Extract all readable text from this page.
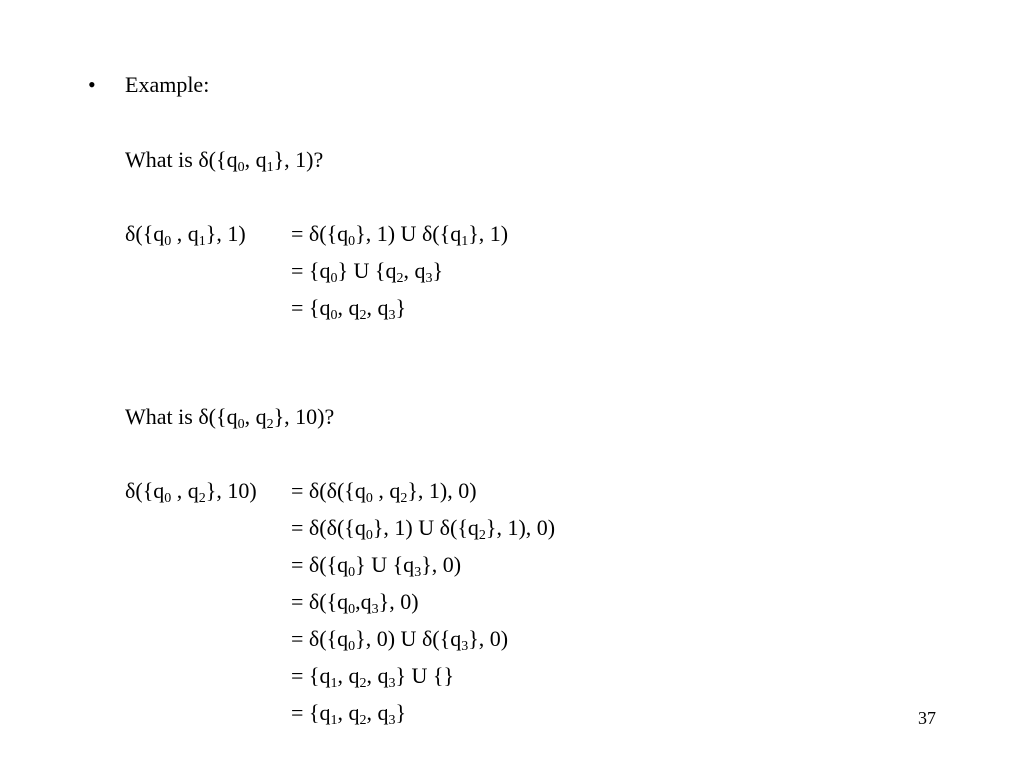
• Example:
What is $\delta(\{q_0$, $q_1$}, 1)?
$\delta(\{q_0$ , $q_1$}, $1) = \delta(\{q_0\}$, 1) U $\delta(\{q_1\}$, 1)
= $\{q_0\}$ U {$q_2$, $q_3$}
= {$q_0$, $q_2$, $q_3$}
What is $\delta(\{q_0$, $q_2$}, 10)?
$\delta(\{q_0$ , $q_2$}, $10) = \delta(\delta(\{q_0$ , $q_2$}, 1), 0)
= $\delta(\delta(\{q_0\}$, 1) U $\delta(\{q_2\}$, 1), 0)
= $\delta(\{q_0\}$ U $\{q_3\}$, 0)
= $\delta(\{q_0,q_3\}$, 0)
= $\delta(\{q_0\}$, 0) U $\delta(\{q_3\}$, 0)
= {$q_1$, $q_2$, $q_3$} U {}
= {$q_1$, $q_2$, $q_3$}	37
